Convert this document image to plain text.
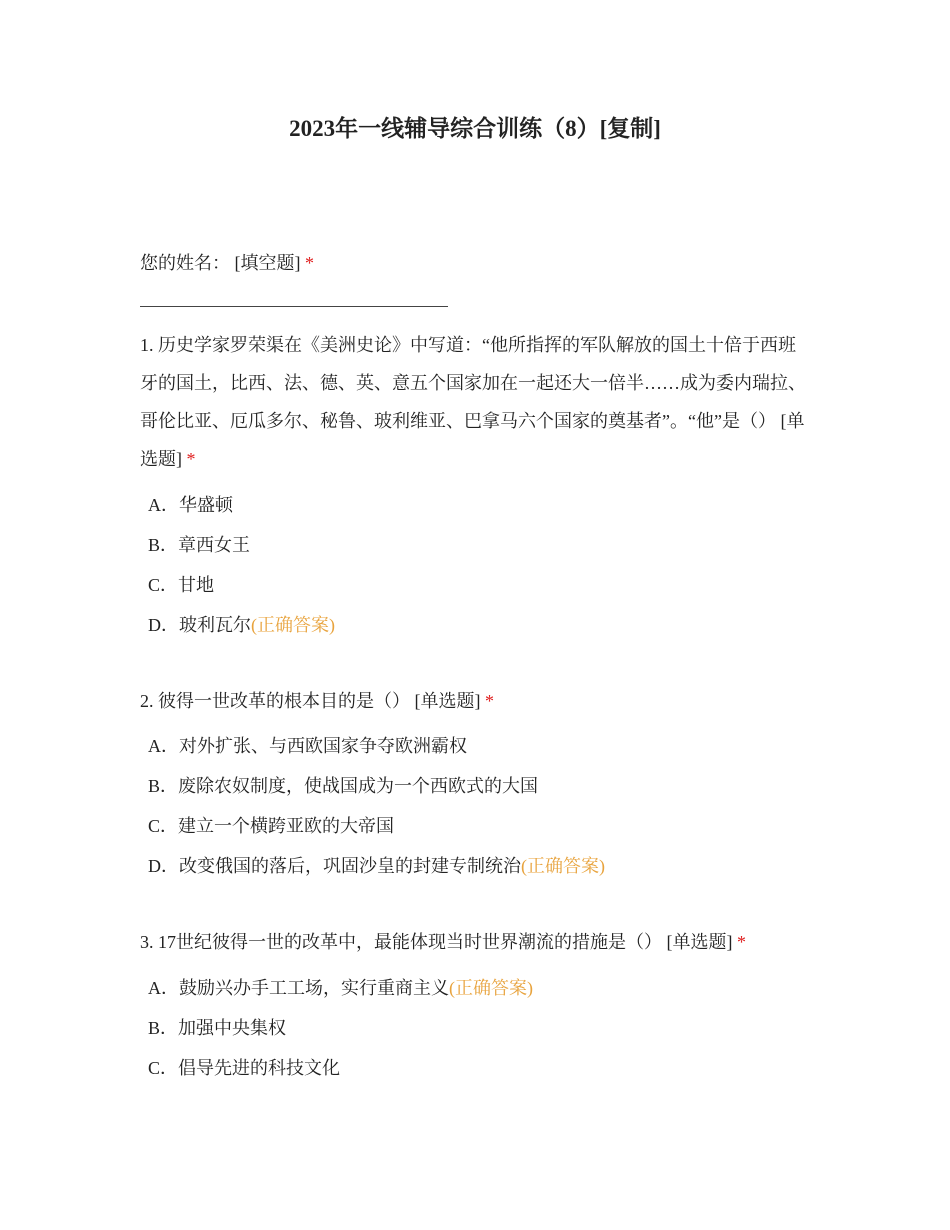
2023年一线辅导综合训练（8）[复制]
您的姓名： [填空题] *
1. 历史学家罗荣渠在《美洲史论》中写道：“他所指挥的军队解放的国土十倍于西班牙的国土，比西、法、德、英、意五个国家加在一起还大一倍半……成为委内瑞拉、哥伦比亚、厄瓜多尔、秘鲁、玻利维亚、巴拿马六个国家的奠基者”。“他”是（） [单选题] *
A．华盛顿
B．章西女王
C．甘地
D．玻利瓦尔(正确答案)
2. 彼得一世改革的根本目的是（） [单选题] *
A．对外扩张、与西欧国家争夺欧洲霸权
B．废除农奴制度，使战国成为一个西欧式的大国
C．建立一个横跨亚欧的大帝国
D．改变俄国的落后，巩固沙皇的封建专制统治(正确答案)
3. 17世纪彼得一世的改革中，最能体现当时世界潮流的措施是（） [单选题] *
A．鼓励兴办手工工场，实行重商主义(正确答案)
B．加强中央集权
C．倡导先进的科技文化
